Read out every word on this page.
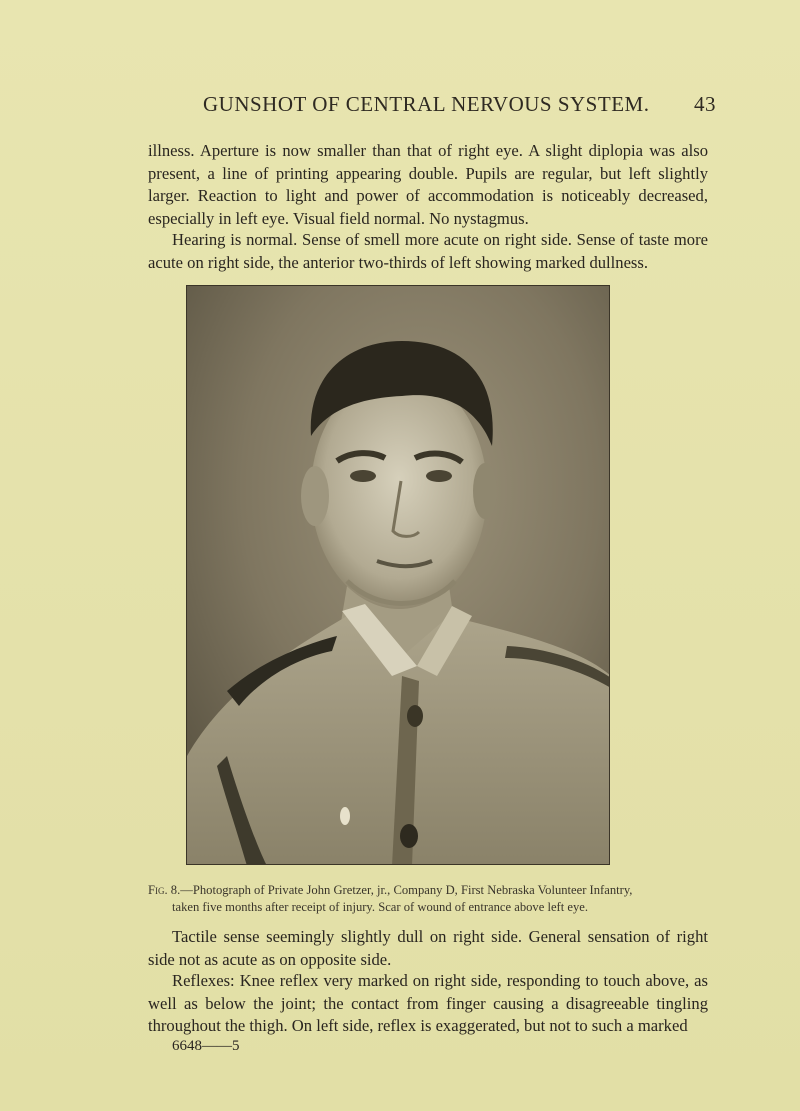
GUNSHOT OF CENTRAL NERVOUS SYSTEM. 43

illness. Aperture is now smaller than that of right eye. A slight diplopia was also present, a line of printing appearing double. Pupils are regular, but left slightly larger. Reaction to light and power of accommodation is noticeably decreased, especially in left eye. Visual field normal. No nystagmus.

Hearing is normal. Sense of smell more acute on right side. Sense of taste more acute on right side, the anterior two-thirds of left showing marked dullness.

Fig. 8.—Photograph of Private John Gretzer, jr., Company D, First Nebraska Volunteer Infantry,
taken five months after receipt of injury. Scar of wound of entrance above left eye.

Tactile sense seemingly slightly dull on right side. General sensation of right side not as acute as on opposite side.

Reflexes: Knee reflex very marked on right side, responding to touch above, as well as below the joint; the contact from finger causing a disagreeable tingling throughout the thigh. On left side, reflex is exaggerated, but not to such a marked

6648——5
